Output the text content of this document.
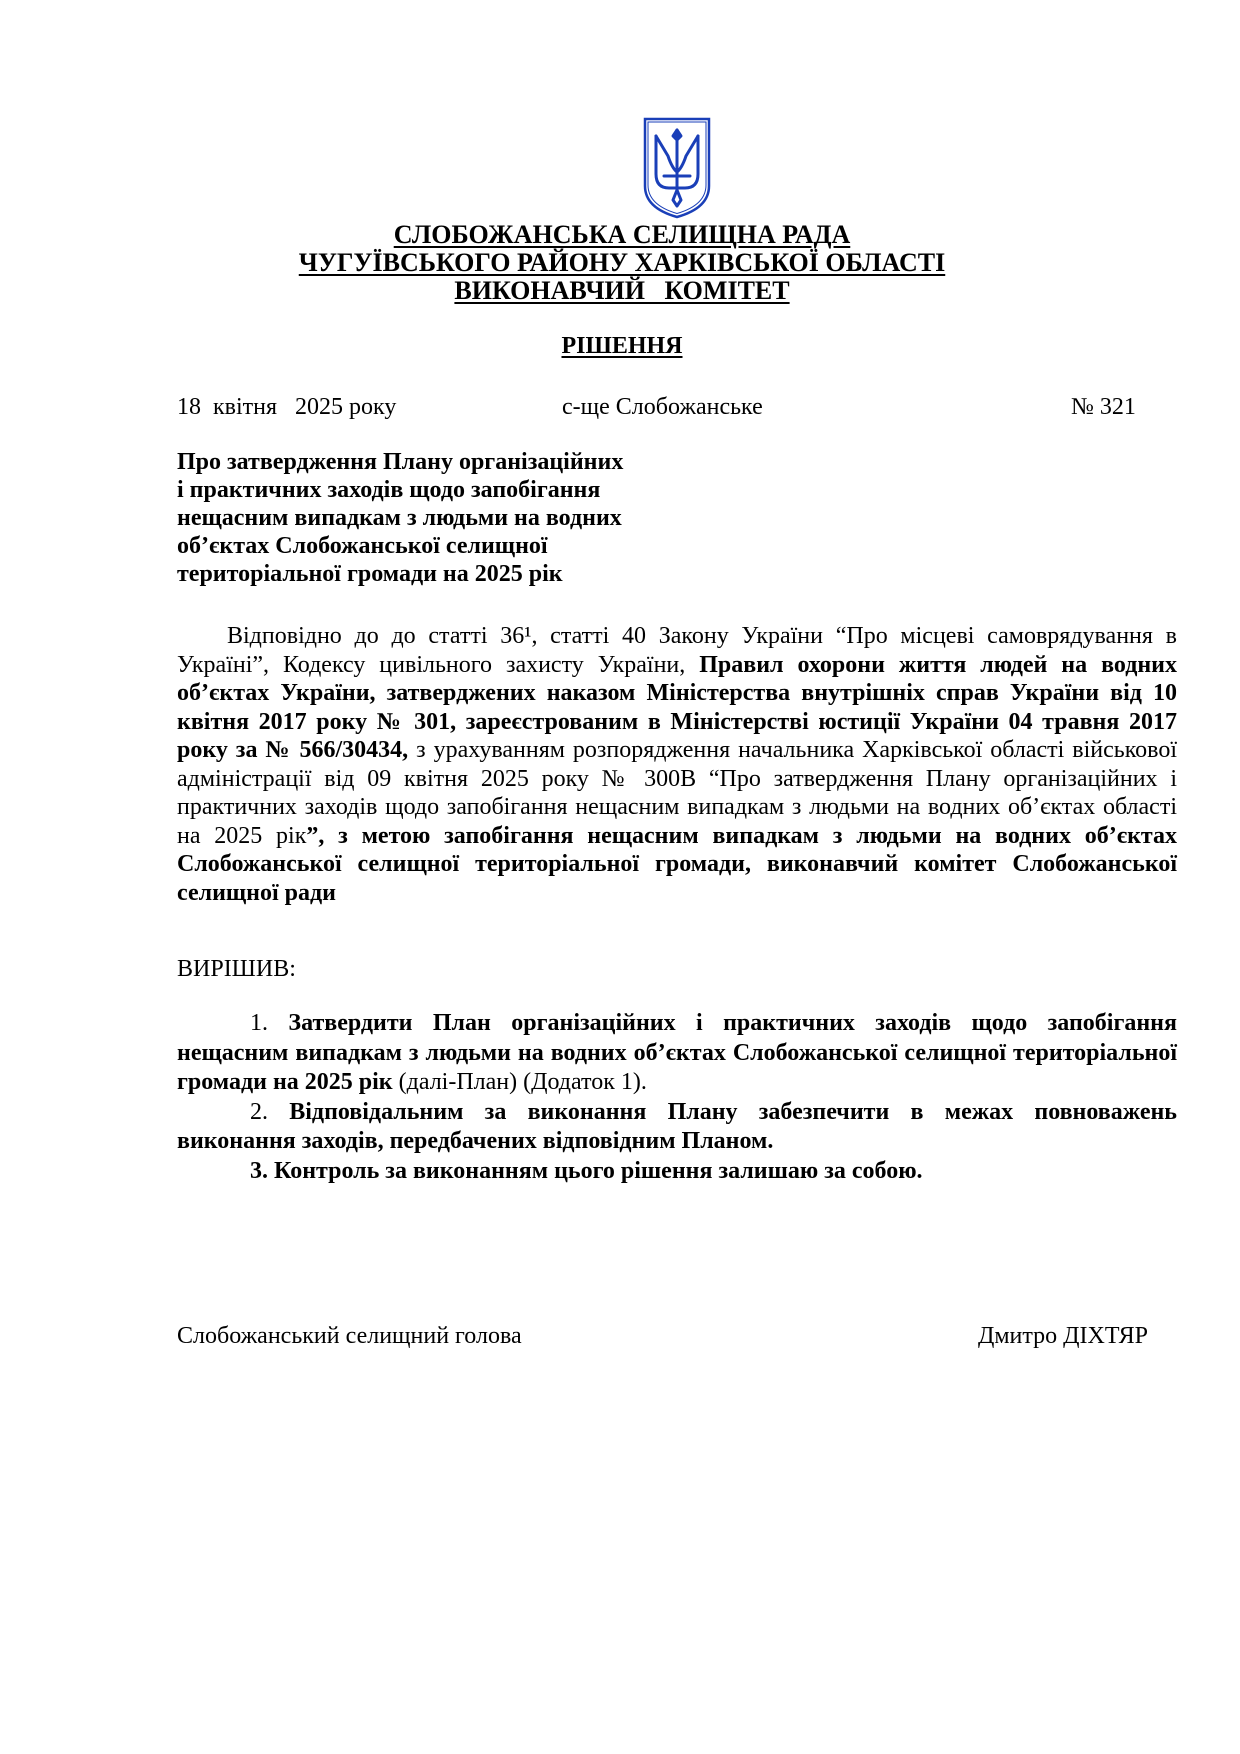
СЛОБОЖАНСЬКА СЕЛИЩНА РАДА
ЧУГУЇВСЬКОГО РАЙОНУ ХАРКІВСЬКОЇ ОБЛАСТІ
ВИКОНАВЧИЙ   КОМІТЕТ
РІШЕННЯ
18  квітня   2025 року	с-ще Слобожанське	№ 321
Про затвердження Плану організаційних
і практичних заходів щодо запобігання
нещасним випадкам з людьми на водних
об’єктах Слобожанської селищної
територіальної громади на 2025 рік
Відповідно до до статті 36¹, статті 40 Закону України “Про місцеві самоврядування в Україні”, Кодексу цивільного захисту України, Правил охорони життя людей на водних об’єктах України, затверджених наказом Міністерства внутрішніх справ України від 10 квітня 2017 року № 301, зареєстрованим в Міністерстві юстиції України 04 травня 2017 року за № 566/30434, з урахуванням розпорядження начальника Харківської області військової адміністрації від 09 квітня 2025 року № 300В “Про затвердження Плану організаційних і практичних заходів щодо запобігання нещасним випадкам з людьми на водних об’єктах області на 2025 рік”, з метою запобігання нещасним випадкам з людьми на водних об’єктах Слобожанської селищної територіальної громади, виконавчий комітет Слобожанської селищної ради
ВИРІШИВ:

1. Затвердити План організаційних і практичних заходів щодо запобігання нещасним випадкам з людьми на водних об’єктах Слобожанської селищної територіальної громади на 2025 рік (далі-План) (Додаток 1).

2. Відповідальним за виконання Плану забезпечити в межах повноважень виконання заходів, передбачених відповідним Планом.

3. Контроль за виконанням цього рішення залишаю за собою.

Слобожанський селищний голова	Дмитро ДІХТЯР
